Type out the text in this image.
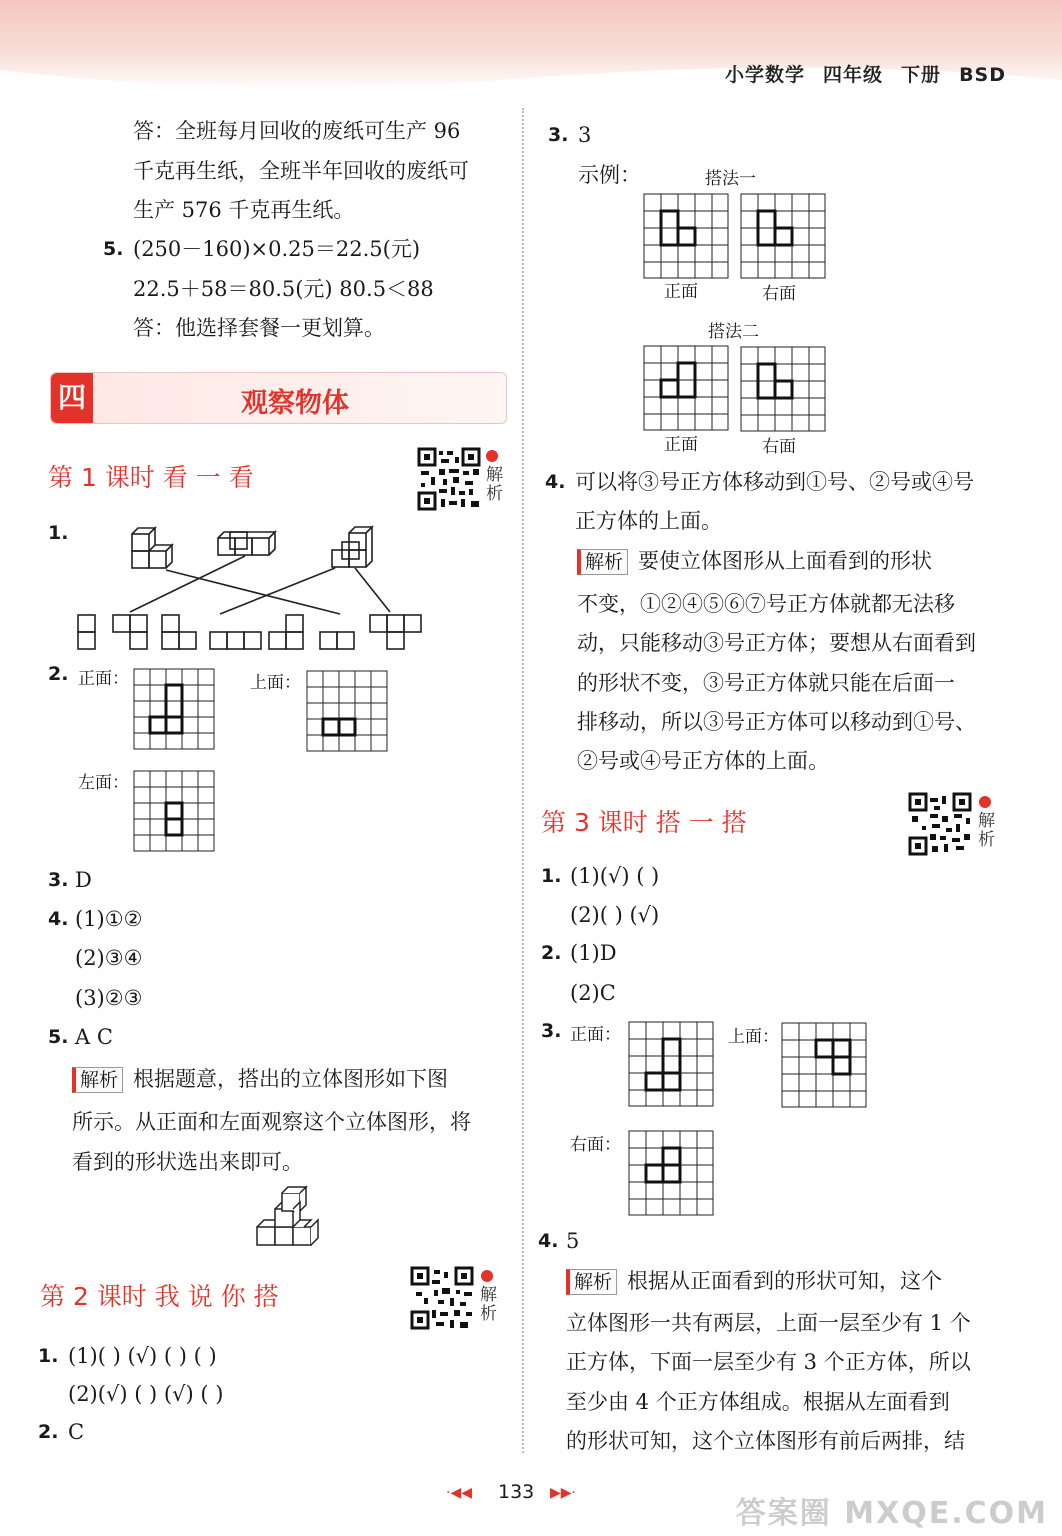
小学数学 四年级 下册 BSD
答：全班每月回收的废纸可生产 96
千克再生纸，全班半年回收的废纸可
生产 576 千克再生纸。
5. (250－160)×0.25＝22.5(元)
22.5＋58＝80.5(元) 80.5＜88
答：他选择套餐一更划算。
四	观察物体
第 1 课时 看 一 看	解析
1.
2. 正面：	上面：
左面：
3. D
4. (1)①②
(2)③④
(3)②③
5. A C
解析 根据题意，搭出的立体图形如下图
所示。从正面和左面观察这个立体图形，将
看到的形状选出来即可。
第 2 课时 我 说 你 搭	解析
1. (1)( ) (√) ( ) ( )
(2)(√) ( ) (√) ( )
2. C
3. 3
示例：	搭法一
正面	右面
搭法二
正面	右面
4. 可以将③号正方体移动到①号、②号或④号
正方体的上面。
解析 要使立体图形从上面看到的形状
不变，①②④⑤⑥⑦号正方体就都无法移
动，只能移动③号正方体；要想从右面看到
的形状不变，③号正方体就只能在后面一
排移动，所以③号正方体可以移动到①号、
②号或④号正方体的上面。
第 3 课时 搭 一 搭	解析
1. (1)(√) ( )
(2)( ) (√)
2. (1)D
(2)C
3. 正面：	上面：
右面：
4. 5
解析 根据从正面看到的形状可知，这个
立体图形一共有两层，上面一层至少有 1 个
正方体，下面一层至少有 3 个正方体，所以
至少由 4 个正方体组成。根据从左面看到
的形状可知，这个立体图形有前后两排，结
·◀◀ 133 ▶▶·
答案圈 MXQE.COM
